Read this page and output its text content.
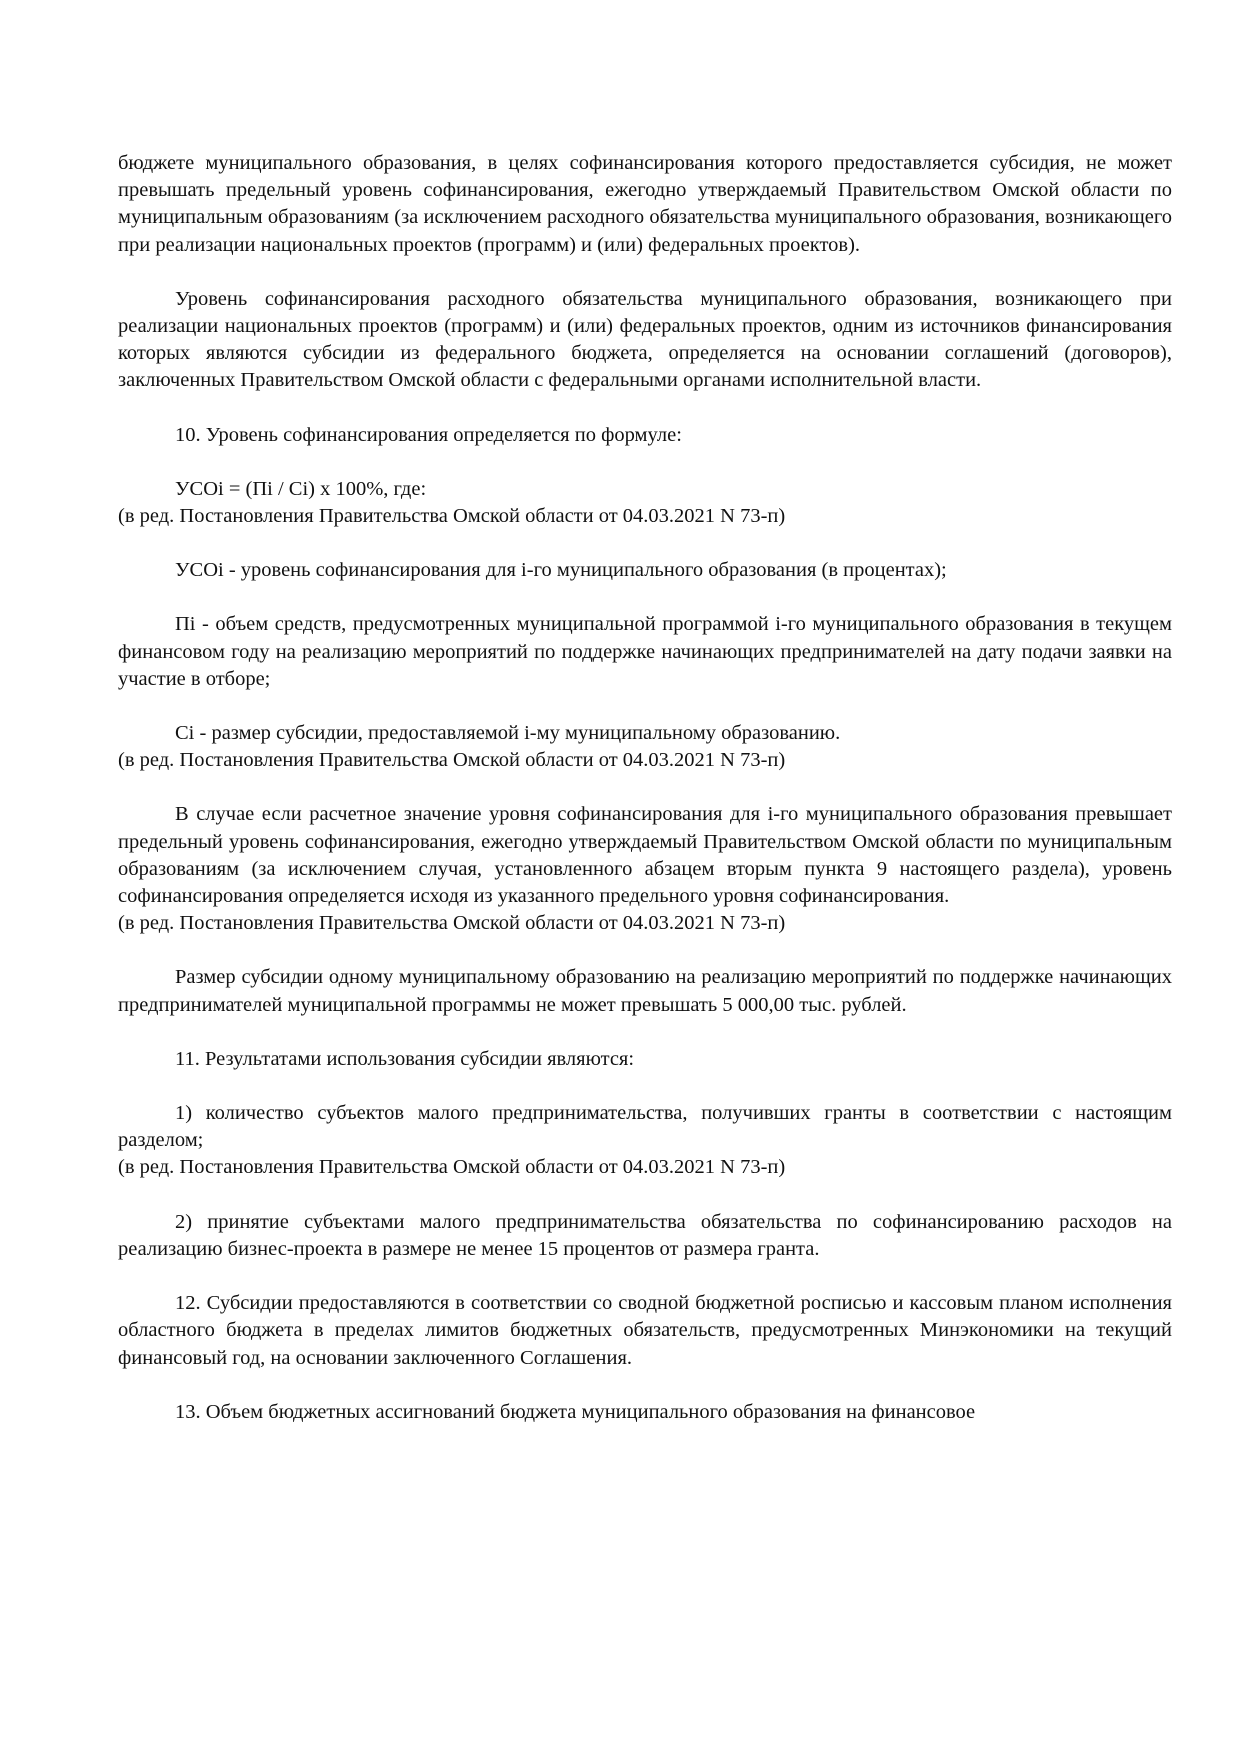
бюджете муниципального образования, в целях софинансирования которого предоставляется субсидия, не может превышать предельный уровень софинансирования, ежегодно утверждаемый Правительством Омской области по муниципальным образованиям (за исключением расходного обязательства муниципального образования, возникающего при реализации национальных проектов (программ) и (или) федеральных проектов).

Уровень софинансирования расходного обязательства муниципального образования, возникающего при реализации национальных проектов (программ) и (или) федеральных проектов, одним из источников финансирования которых являются субсидии из федерального бюджета, определяется на основании соглашений (договоров), заключенных Правительством Омской области с федеральными органами исполнительной власти.

10. Уровень софинансирования определяется по формуле:

УСОi = (Пi / Ci) x 100%, где:

(в ред. Постановления Правительства Омской области от 04.03.2021 N 73-п)

УСОi - уровень софинансирования для i-го муниципального образования (в процентах);

Пi - объем средств, предусмотренных муниципальной программой i-го муниципального образования в текущем финансовом году на реализацию мероприятий по поддержке начинающих предпринимателей на дату подачи заявки на участие в отборе;

Ci - размер субсидии, предоставляемой i-му муниципальному образованию.

(в ред. Постановления Правительства Омской области от 04.03.2021 N 73-п)

В случае если расчетное значение уровня софинансирования для i-го муниципального образования превышает предельный уровень софинансирования, ежегодно утверждаемый Правительством Омской области по муниципальным образованиям (за исключением случая, установленного абзацем вторым пункта 9 настоящего раздела), уровень софинансирования определяется исходя из указанного предельного уровня софинансирования.

(в ред. Постановления Правительства Омской области от 04.03.2021 N 73-п)

Размер субсидии одному муниципальному образованию на реализацию мероприятий по поддержке начинающих предпринимателей муниципальной программы не может превышать 5 000,00 тыс. рублей.

11. Результатами использования субсидии являются:

1) количество субъектов малого предпринимательства, получивших гранты в соответствии с настоящим разделом;

(в ред. Постановления Правительства Омской области от 04.03.2021 N 73-п)

2) принятие субъектами малого предпринимательства обязательства по софинансированию расходов на реализацию бизнес-проекта в размере не менее 15 процентов от размера гранта.

12. Субсидии предоставляются в соответствии со сводной бюджетной росписью и кассовым планом исполнения областного бюджета в пределах лимитов бюджетных обязательств, предусмотренных Минэкономики на текущий финансовый год, на основании заключенного Соглашения.

13. Объем бюджетных ассигнований бюджета муниципального образования на финансовое
